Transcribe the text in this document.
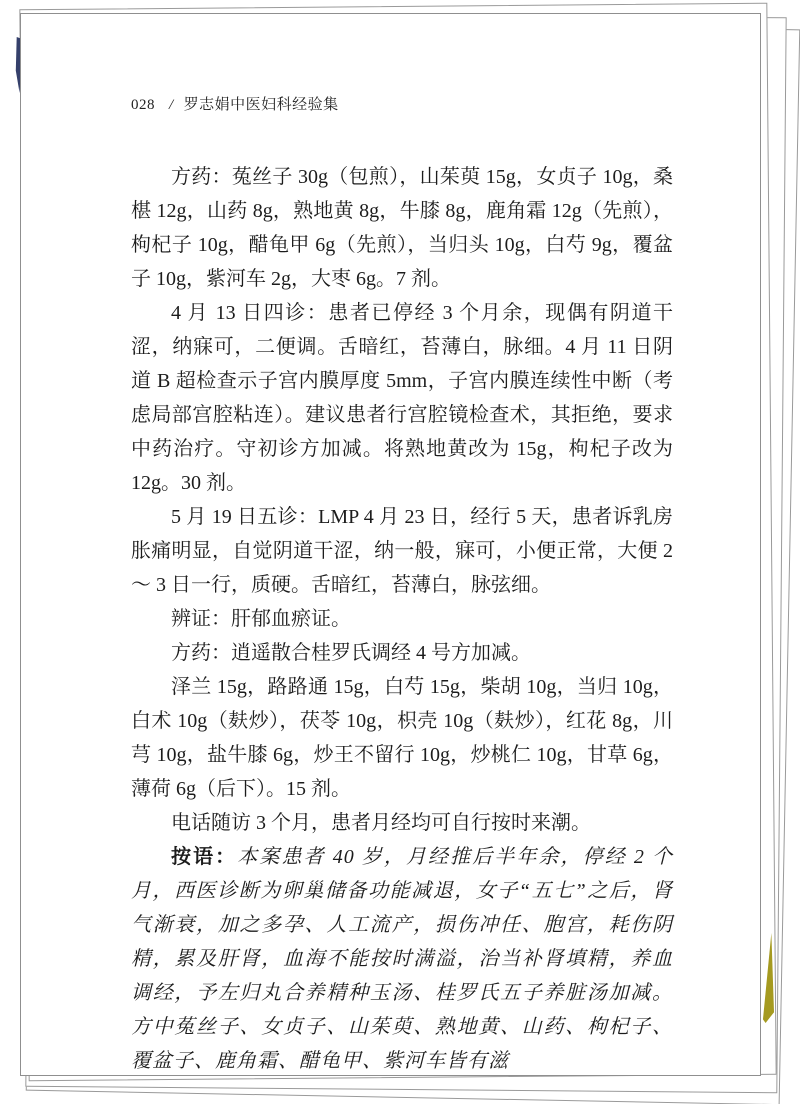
028 / 罗志娟中医妇科经验集

方药：菟丝子 30g（包煎），山茱萸 15g，女贞子 10g，桑椹 12g，山药 8g，熟地黄 8g，牛膝 8g，鹿角霜 12g（先煎），枸杞子 10g，醋龟甲 6g（先煎），当归头 10g，白芍 9g，覆盆子 10g，紫河车 2g，大枣 6g。7 剂。

4 月 13 日四诊：患者已停经 3 个月余，现偶有阴道干涩，纳寐可，二便调。舌暗红，苔薄白，脉细。4 月 11 日阴道 B 超检查示子宫内膜厚度 5mm，子宫内膜连续性中断（考虑局部宫腔粘连）。建议患者行宫腔镜检查术，其拒绝，要求中药治疗。守初诊方加减。将熟地黄改为 15g，枸杞子改为 12g。30 剂。

5 月 19 日五诊：LMP 4 月 23 日，经行 5 天，患者诉乳房胀痛明显，自觉阴道干涩，纳一般，寐可，小便正常，大便 2 ～ 3 日一行，质硬。舌暗红，苔薄白，脉弦细。

辨证：肝郁血瘀证。

方药：逍遥散合桂罗氏调经 4 号方加减。

泽兰 15g，路路通 15g，白芍 15g，柴胡 10g，当归 10g，白术 10g（麸炒），茯苓 10g，枳壳 10g（麸炒），红花 8g，川芎 10g，盐牛膝 6g，炒王不留行 10g，炒桃仁 10g，甘草 6g，薄荷 6g（后下）。15 剂。

电话随访 3 个月，患者月经均可自行按时来潮。

按语：本案患者 40 岁，月经推后半年余，停经 2 个月，西医诊断为卵巢储备功能减退，女子“五七”之后，肾气渐衰，加之多孕、人工流产，损伤冲任、胞宫，耗伤阴精，累及肝肾，血海不能按时满溢，治当补肾填精，养血调经，予左归丸合养精种玉汤、桂罗氏五子养脏汤加减。方中菟丝子、女贞子、山茱萸、熟地黄、山药、枸杞子、覆盆子、鹿角霜、醋龟甲、紫河车皆有滋
